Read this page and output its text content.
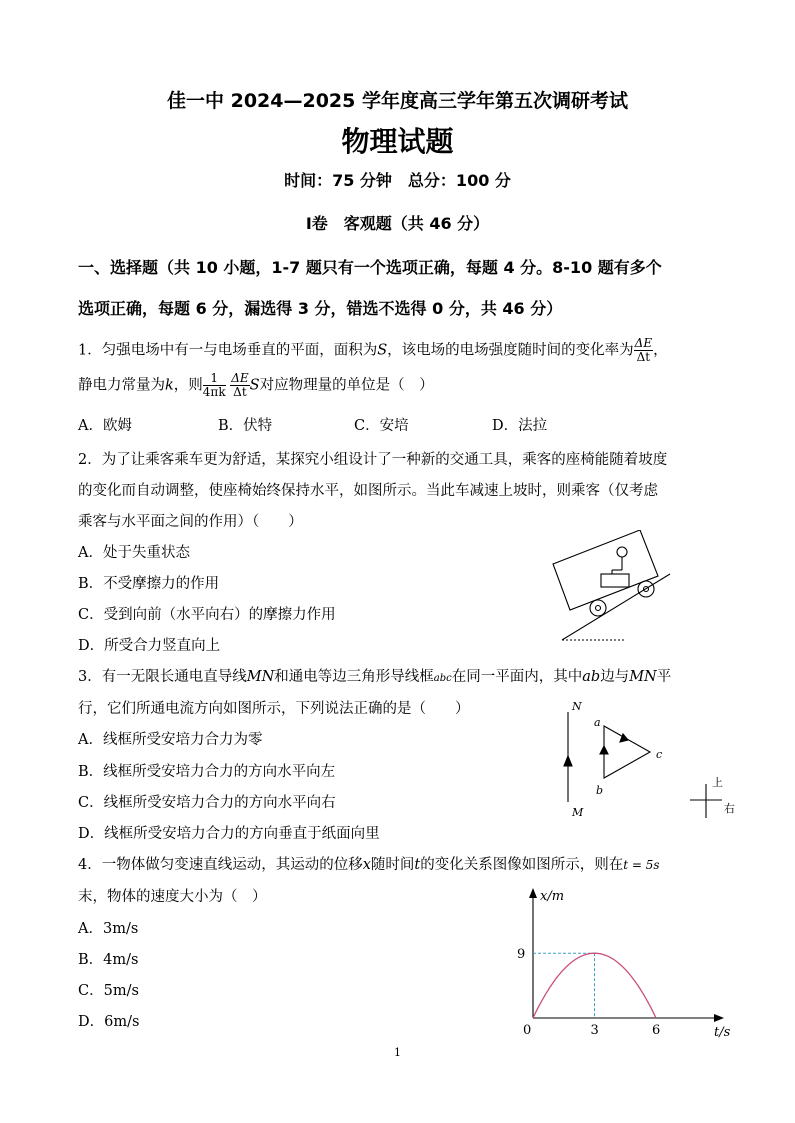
佳一中 2024—2025 学年度高三学年第五次调研考试
物理试题
时间：75 分钟　总分：100 分
Ⅰ卷　客观题（共 46 分）
一、选择题（共 10 小题，1-7 题只有一个选项正确，每题 4 分。8-10 题有多个
选项正确，每题 6 分，漏选得 3 分，错选不选得 0 分，共 46 分）
1．匀强电场中有一与电场垂直的平面，面积为S，该电场的电场强度随时间的变化率为 $\frac{\Delta E}{\Delta t}$ ，
静电力常量为k，则 $\frac{1}{4\pi k}$
$\frac{\Delta E}{\Delta t}$ S对应物理量的单位是（　）
A．欧姆	B．伏特	C．安培	D．法拉
2．为了让乘客乘车更为舒适，某探究小组设计了一种新的交通工具，乘客的座椅能随着坡度
的变化而自动调整，使座椅始终保持水平，如图所示。当此车减速上坡时，则乘客（仅考虑
乘客与水平面之间的作用）（　　）
A．处于失重状态
B．不受摩擦力的作用
C．受到向前（水平向右）的摩擦力作用
D．所受合力竖直向上
3．有一无限长通电直导线MN和通电等边三角形导线框abc在同一平面内，其中ab边与MN平
行，它们所通电流方向如图所示，下列说法正确的是（　　）
A．线框所受安培力合力为零
B．线框所受安培力合力的方向水平向左
C．线框所受安培力合力的方向水平向右
D．线框所受安培力合力的方向垂直于纸面向里
N
M
a
b
c
上
右
4．一物体做匀变速直线运动，其运动的位移x随时间t的变化关系图像如图所示，则在t = 5s
末，物体的速度大小为（　）
A．3m/s
B．4m/s
C．5m/s
D．6m/s
x/m
t/s
0	3	6
9
1
